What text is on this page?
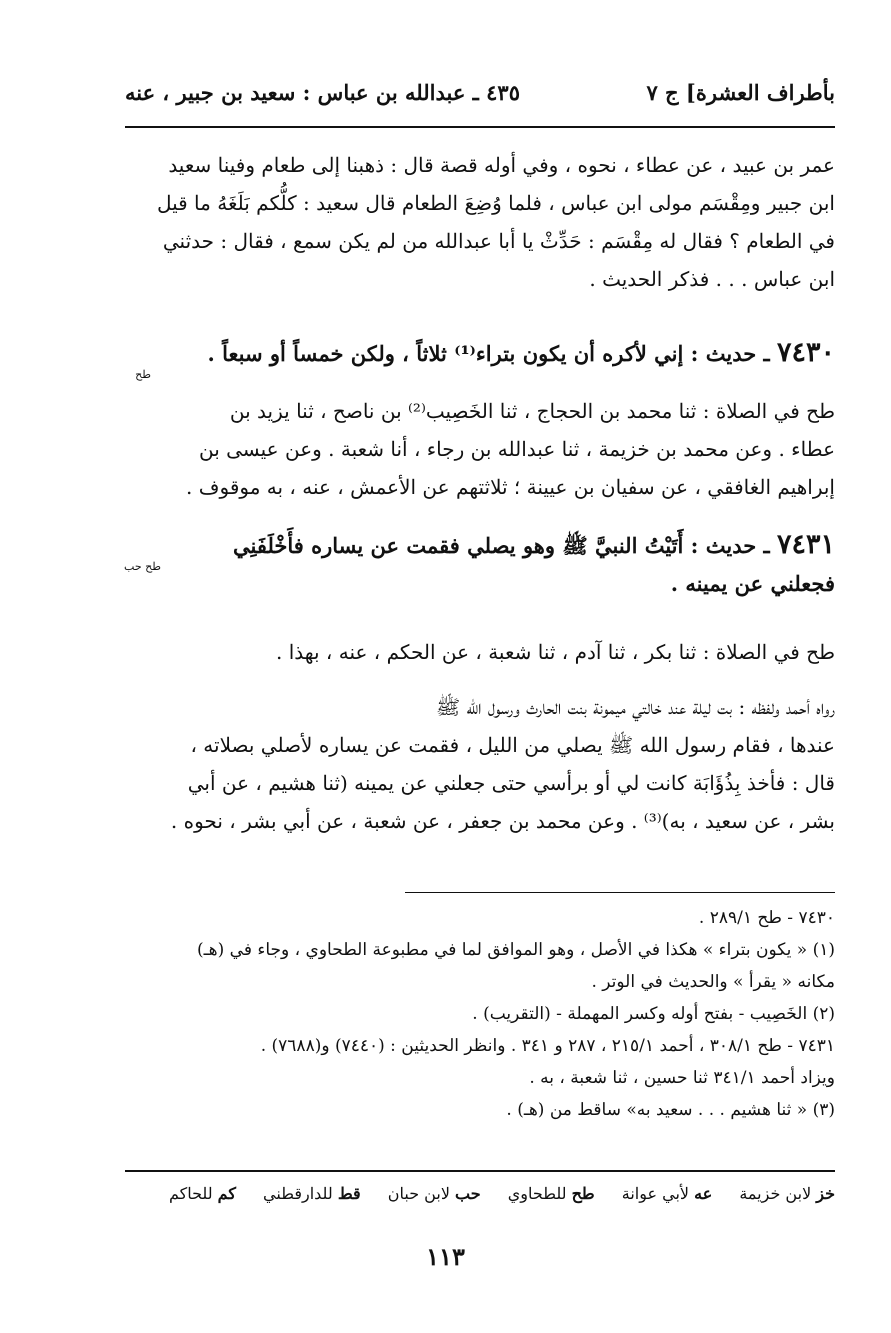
بأطراف العشرة] ج ٧
٤٣٥ ـ عبدالله بن عباس : سعيد بن جبير ، عنه
عمر بن عبيد ، عن عطاء ، نحوه ، وفي أوله قصة قال : ذهبنا إلى طعام وفينا سعيد
ابن جبير ومِقْسَم مولى ابن عباس ، فلما وُضِعَ الطعام قال سعيد : كلُّكم بَلَغَهُ ما قيل
في الطعام ؟ فقال له مِقْسَم : حَدِّثْ يا أبا عبدالله من لم يكن سمع ، فقال : حدثني
ابن عباس . . . فذكر الحديث .
٧٤٣٠ ـ حديث : إني لأكره أن يكون بتراء⁽¹⁾ ثلاثاً ، ولكن خمساً أو سبعاً .
طح
طح في الصلاة : ثنا محمد بن الحجاج ، ثنا الخَصِيب⁽²⁾ بن ناصح ، ثنا يزيد بن
عطاء . وعن محمد بن خزيمة ، ثنا عبدالله بن رجاء ، أنا شعبة . وعن عيسى بن
إبراهيم الغافقي ، عن سفيان بن عيينة ؛ ثلاثتهم عن الأعمش ، عنه ، به موقوف .
٧٤٣١ ـ حديث : أَتَيْتُ النبيَّ ﷺ وهو يصلي فقمت عن يساره فأَخْلَفَنِي
فجعلني عن يمينه .
طح حب
طح في الصلاة : ثنا بكر ، ثنا آدم ، ثنا شعبة ، عن الحكم ، عنه ، بهذا .
رواه أحمد ولفظه : بت ليلة عند خالتي ميمونة بنت الحارث ورسول الله ﷺ
عندها ، فقام رسول الله ﷺ يصلي من الليل ، فقمت عن يساره لأصلي بصلاته ،
قال : فأخذ بِذُؤَابَة كانت لي أو برأسي حتى جعلني عن يمينه (ثنا هشيم ، عن أبي
بشر ، عن سعيد ، به)⁽³⁾ . وعن محمد بن جعفر ، عن شعبة ، عن أبي بشر ، نحوه .
٧٤٣٠ - طح ٢٨٩/١ .
(١) « يكون بتراء » هكذا في الأصل ، وهو الموافق لما في مطبوعة الطحاوي ، وجاء في (هـ)
مكانه « يقرأ » والحديث في الوتر .
(٢) الخَصِيب - بفتح أوله وكسر المهملة - (التقريب) .
٧٤٣١ - طح ٣٠٨/١ ، أحمد ٢١٥/١ ، ٢٨٧ و ٣٤١ . وانظر الحديثين : (٧٤٤٠) و(٧٦٨٨) .
ويزاد أحمد ٣٤١/١ ثنا حسين ، ثنا شعبة ، به .
(٣) « ثنا هشيم . . . سعيد به» ساقط من (هـ) .
خز لابن خزيمة عه لأبي عوانة طح للطحاوي حب لابن حبان قط للدارقطني كم للحاكم
١١٣
